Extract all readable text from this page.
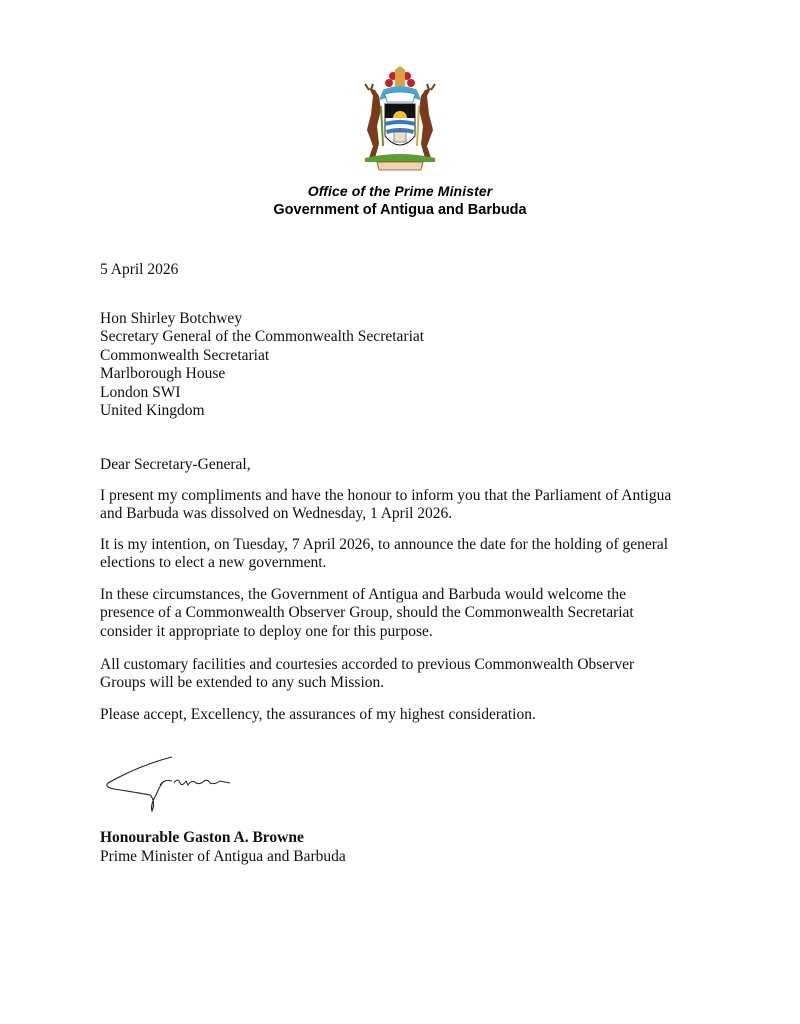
Office of the Prime Minister
Government of Antigua and Barbuda
5 April 2026
Hon Shirley Botchwey
Secretary General of the Commonwealth Secretariat
Commonwealth Secretariat
Marlborough House
London SWI
United Kingdom
Dear Secretary-General,
I present my compliments and have the honour to inform you that the Parliament of Antigua
and Barbuda was dissolved on Wednesday, 1 April 2026.
It is my intention, on Tuesday, 7 April 2026, to announce the date for the holding of general
elections to elect a new government.
In these circumstances, the Government of Antigua and Barbuda would welcome the
presence of a Commonwealth Observer Group, should the Commonwealth Secretariat
consider it appropriate to deploy one for this purpose.
All customary facilities and courtesies accorded to previous Commonwealth Observer
Groups will be extended to any such Mission.
Please accept, Excellency, the assurances of my highest consideration.
Honourable Gaston A. Browne
Prime Minister of Antigua and Barbuda
